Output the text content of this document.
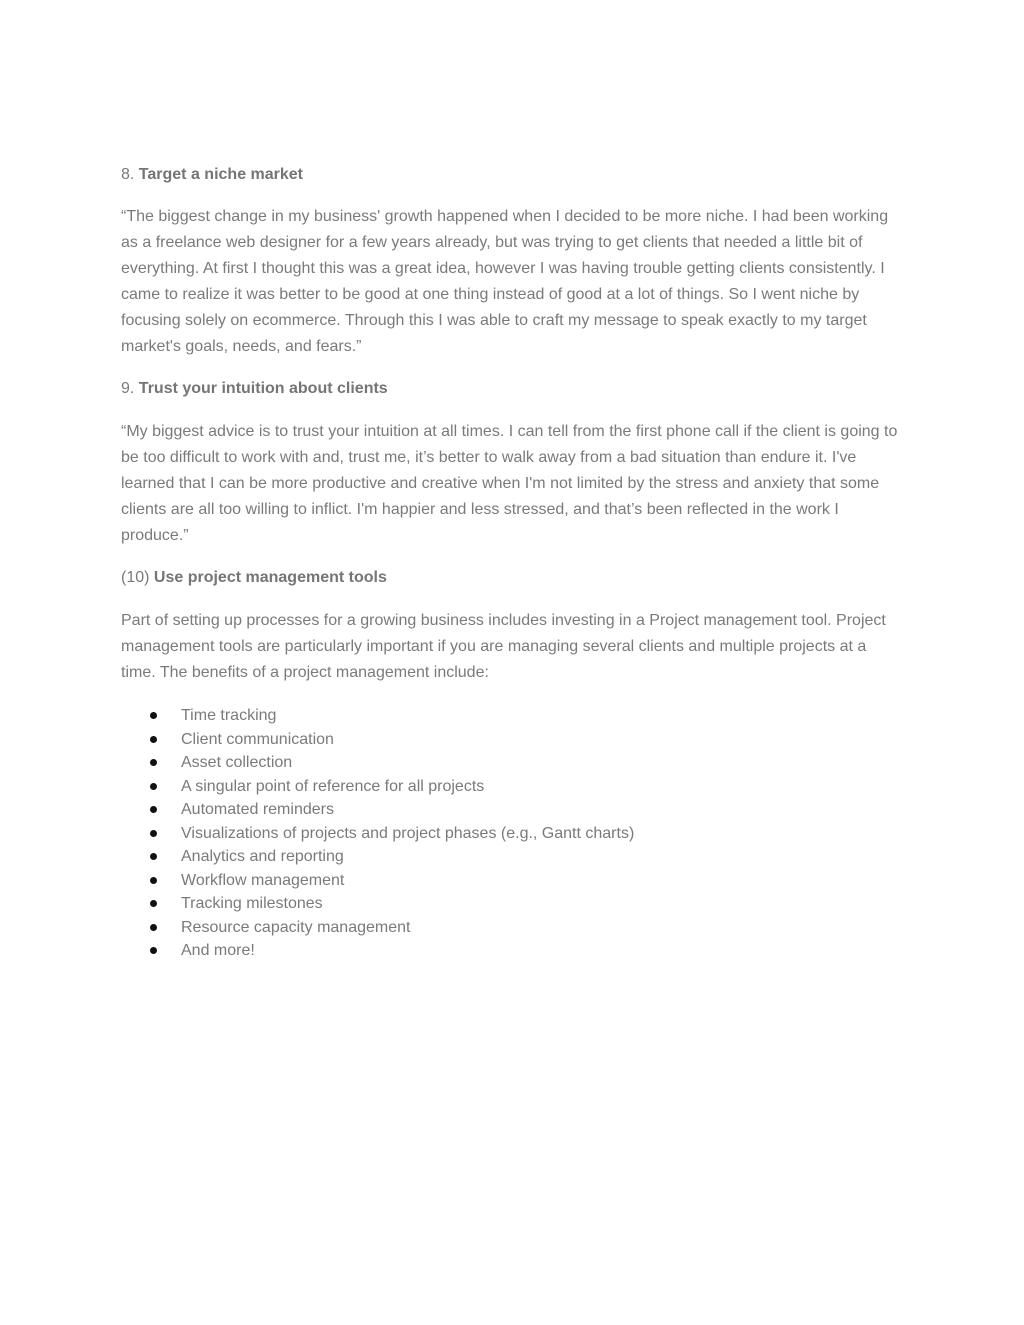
8. Target a niche market

“The biggest change in my business' growth happened when I decided to be more niche. I had been working as a freelance web designer for a few years already, but was trying to get clients that needed a little bit of everything. At first I thought this was a great idea, however I was having trouble getting clients consistently. I came to realize it was better to be good at one thing instead of good at a lot of things. So I went niche by focusing solely on ecommerce. Through this I was able to craft my message to speak exactly to my target market's goals, needs, and fears.”

9. Trust your intuition about clients

“My biggest advice is to trust your intuition at all times. I can tell from the first phone call if the client is going to be too difficult to work with and, trust me, it’s better to walk away from a bad situation than endure it. I've learned that I can be more productive and creative when I'm not limited by the stress and anxiety that some clients are all too willing to inflict. I'm happier and less stressed, and that’s been reflected in the work I produce.”

(10) Use project management tools

Part of setting up processes for a growing business includes investing in a Project management tool. Project management tools are particularly important if you are managing several clients and multiple projects at a time. The benefits of a project management include:

Time tracking
Client communication
Asset collection
A singular point of reference for all projects
Automated reminders
Visualizations of projects and project phases (e.g., Gantt charts)
Analytics and reporting
Workflow management
Tracking milestones
Resource capacity management
And more!
